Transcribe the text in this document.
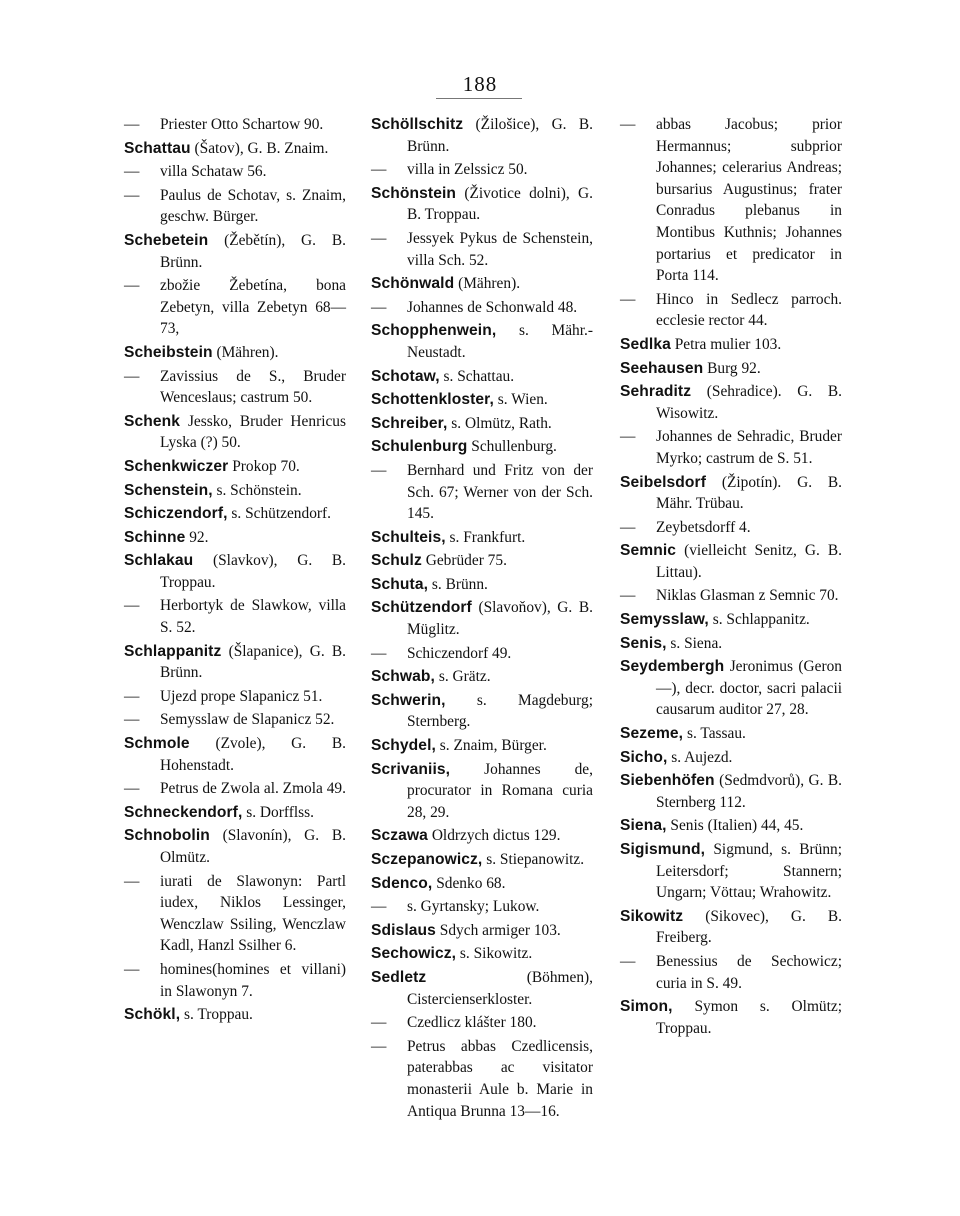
188
— Priester Otto Schartow 90.
Schattau (Šatov), G. B. Znaim.
— villa Schataw 56.
— Paulus de Schotav, s. Znaim, geschw. Bürger.
Schebetein (Žebětín), G. B. Brünn.
— zbožie Žebetína, bona Zebetyn, villa Zebetyn 68—73,
Scheibstein (Mähren).
— Zavissius de S., Bruder Wenceslaus; castrum 50.
Schenk Jessko, Bruder Henricus Lyska (?) 50.
Schenkwiczer Prokop 70.
Schenstein, s. Schönstein.
Schiczendorf, s. Schützendorf.
Schinne 92.
Schlakau (Slavkov), G. B. Troppau.
— Herbortyk de Slawkow, villa S. 52.
Schlappanitz (Šlapanice), G. B. Brünn.
— Ujezd prope Slapanicz 51.
— Semysslaw de Slapanicz 52.
Schmole (Zvole), G. B. Hohenstadt.
— Petrus de Zwola al. Zmola 49.
Schneckendorf, s. Dorfflss.
Schnobolin (Slavonín), G. B. Olmütz.
— iurati de Slawonyn: Partl iudex, Niklos Lessinger, Wenczlaw Ssiling, Wenczlaw Kadl, Hanzl Ssilher 6.
— homines(homines et villani) in Slawonyn 7.
Schökl, s. Troppau.
Schöllschitz (Žilošice), G. B. Brünn.
— villa in Zelssicz 50.
Schönstein (Životice dolni), G. B. Troppau.
— Jessyek Pykus de Schenstein, villa Sch. 52.
Schönwald (Mähren).
— Johannes de Schonwald 48.
Schopphenwein, s. Mähr.-Neustadt.
Schotaw, s. Schattau.
Schottenkloster, s. Wien.
Schreiber, s. Olmütz, Rath.
Schulenburg Schullenburg.
— Bernhard und Fritz von der Sch. 67; Werner von der Sch. 145.
Schulteis, s. Frankfurt.
Schulz Gebrüder 75.
Schuta, s. Brünn.
Schützendorf (Slavoňov), G. B. Müglitz.
— Schiczendorf 49.
Schwab, s. Grätz.
Schwerin, s. Magdeburg; Sternberg.
Schydel, s. Znaim, Bürger.
Scrivaniis, Johannes de, procurator in Romana curia 28, 29.
Sczawa Oldrzych dictus 129.
Sczepanowicz, s. Stiepanowitz.
Sdenco, Sdenko 68.
— s. Gyrtansky; Lukow.
Sdislaus Sdych armiger 103.
Sechowicz, s. Sikowitz.
Sedletz	(Böhmen), Cistercienserkloster.
— Czedlicz klášter 180.
— Petrus abbas Czedlicensis, paterabbas ac visitator monasterii Aule b. Marie in Antiqua Brunna 13—16.
— abbas Jacobus; prior Hermannus; subprior Johannes; celerarius Andreas; bursarius Augustinus; frater Conradus plebanus in Montibus Kuthnis; Johannes portarius et predicator in Porta 114.
— Hinco in Sedlecz parroch. ecclesie rector 44.
Sedlka Petra mulier 103.
Seehausen Burg 92.
Sehraditz (Sehradice). G. B. Wisowitz.
— Johannes de Sehradic, Bruder Myrko; castrum de S. 51.
Seibelsdorf (Žipotín). G. B. Mähr. Trübau.
— Zeybetsdorff 4.
Semnic (vielleicht Senitz, G. B. Littau).
— Niklas Glasman z Semnic 70.
Semysslaw, s. Schlappanitz.
Senis, s. Siena.
Seydembergh Jeronimus (Geron—), decr. doctor, sacri palacii causarum auditor 27, 28.
Sezeme, s. Tassau.
Sicho, s. Aujezd.
Siebenhöfen (Sedmdvorů), G. B. Sternberg 112.
Siena, Senis (Italien) 44, 45.
Sigismund, Sigmund, s. Brünn; Leitersdorf; Stannern; Ungarn; Vöttau; Wrahowitz.
Sikowitz (Sikovec), G. B. Freiberg.
— Benessius de Sechowicz; curia in S. 49.
Simon, Symon s. Olmütz; Troppau.
